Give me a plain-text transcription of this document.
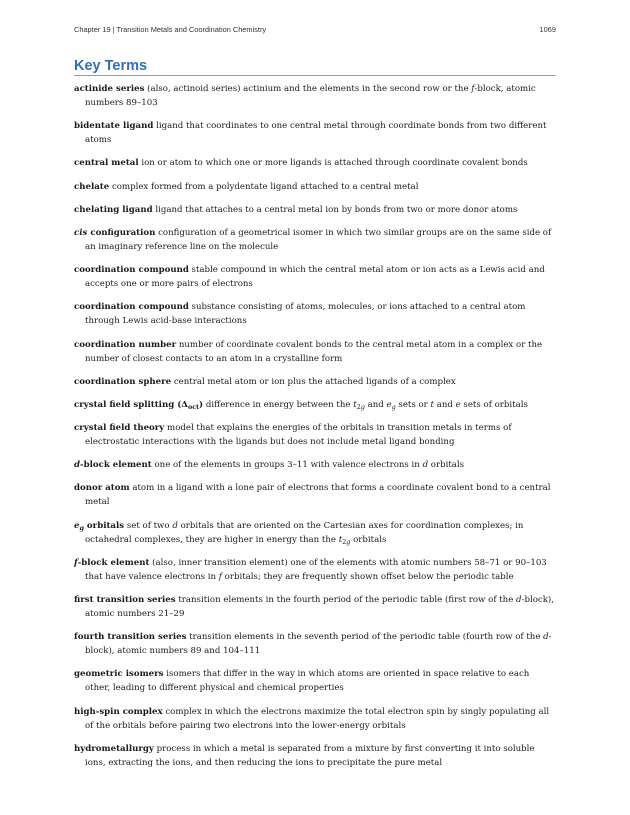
Chapter 19 | Transition Metals and Coordination Chemistry	1069
Key Terms
actinide series (also, actinoid series) actinium and the elements in the second row or the f-block, atomic numbers 89–103
bidentate ligand ligand that coordinates to one central metal through coordinate bonds from two different atoms
central metal ion or atom to which one or more ligands is attached through coordinate covalent bonds
chelate complex formed from a polydentate ligand attached to a central metal
chelating ligand ligand that attaches to a central metal ion by bonds from two or more donor atoms
cis configuration configuration of a geometrical isomer in which two similar groups are on the same side of an imaginary reference line on the molecule
coordination compound stable compound in which the central metal atom or ion acts as a Lewis acid and accepts one or more pairs of electrons
coordination compound substance consisting of atoms, molecules, or ions attached to a central atom through Lewis acid-base interactions
coordination number number of coordinate covalent bonds to the central metal atom in a complex or the number of closest contacts to an atom in a crystalline form
coordination sphere central metal atom or ion plus the attached ligands of a complex
crystal field splitting $(\Delta_{oct})$ difference in energy between the $t_{2g}$ and $e_g$ sets or t and e sets of orbitals
crystal field theory model that explains the energies of the orbitals in transition metals in terms of electrostatic interactions with the ligands but does not include metal ligand bonding
d-block element one of the elements in groups 3–11 with valence electrons in d orbitals
donor atom atom in a ligand with a lone pair of electrons that forms a coordinate covalent bond to a central metal
$e_g$ orbitals set of two d orbitals that are oriented on the Cartesian axes for coordination complexes; in octahedral complexes, they are higher in energy than the $t_{2g}$ orbitals
f-block element (also, inner transition element) one of the elements with atomic numbers 58–71 or 90–103 that have valence electrons in f orbitals; they are frequently shown offset below the periodic table
first transition series transition elements in the fourth period of the periodic table (first row of the d-block), atomic numbers 21–29
fourth transition series transition elements in the seventh period of the periodic table (fourth row of the d-block), atomic numbers 89 and 104–111
geometric isomers isomers that differ in the way in which atoms are oriented in space relative to each other, leading to different physical and chemical properties
high-spin complex complex in which the electrons maximize the total electron spin by singly populating all of the orbitals before pairing two electrons into the lower-energy orbitals
hydrometallurgy process in which a metal is separated from a mixture by first converting it into soluble ions, extracting the ions, and then reducing the ions to precipitate the pure metal
